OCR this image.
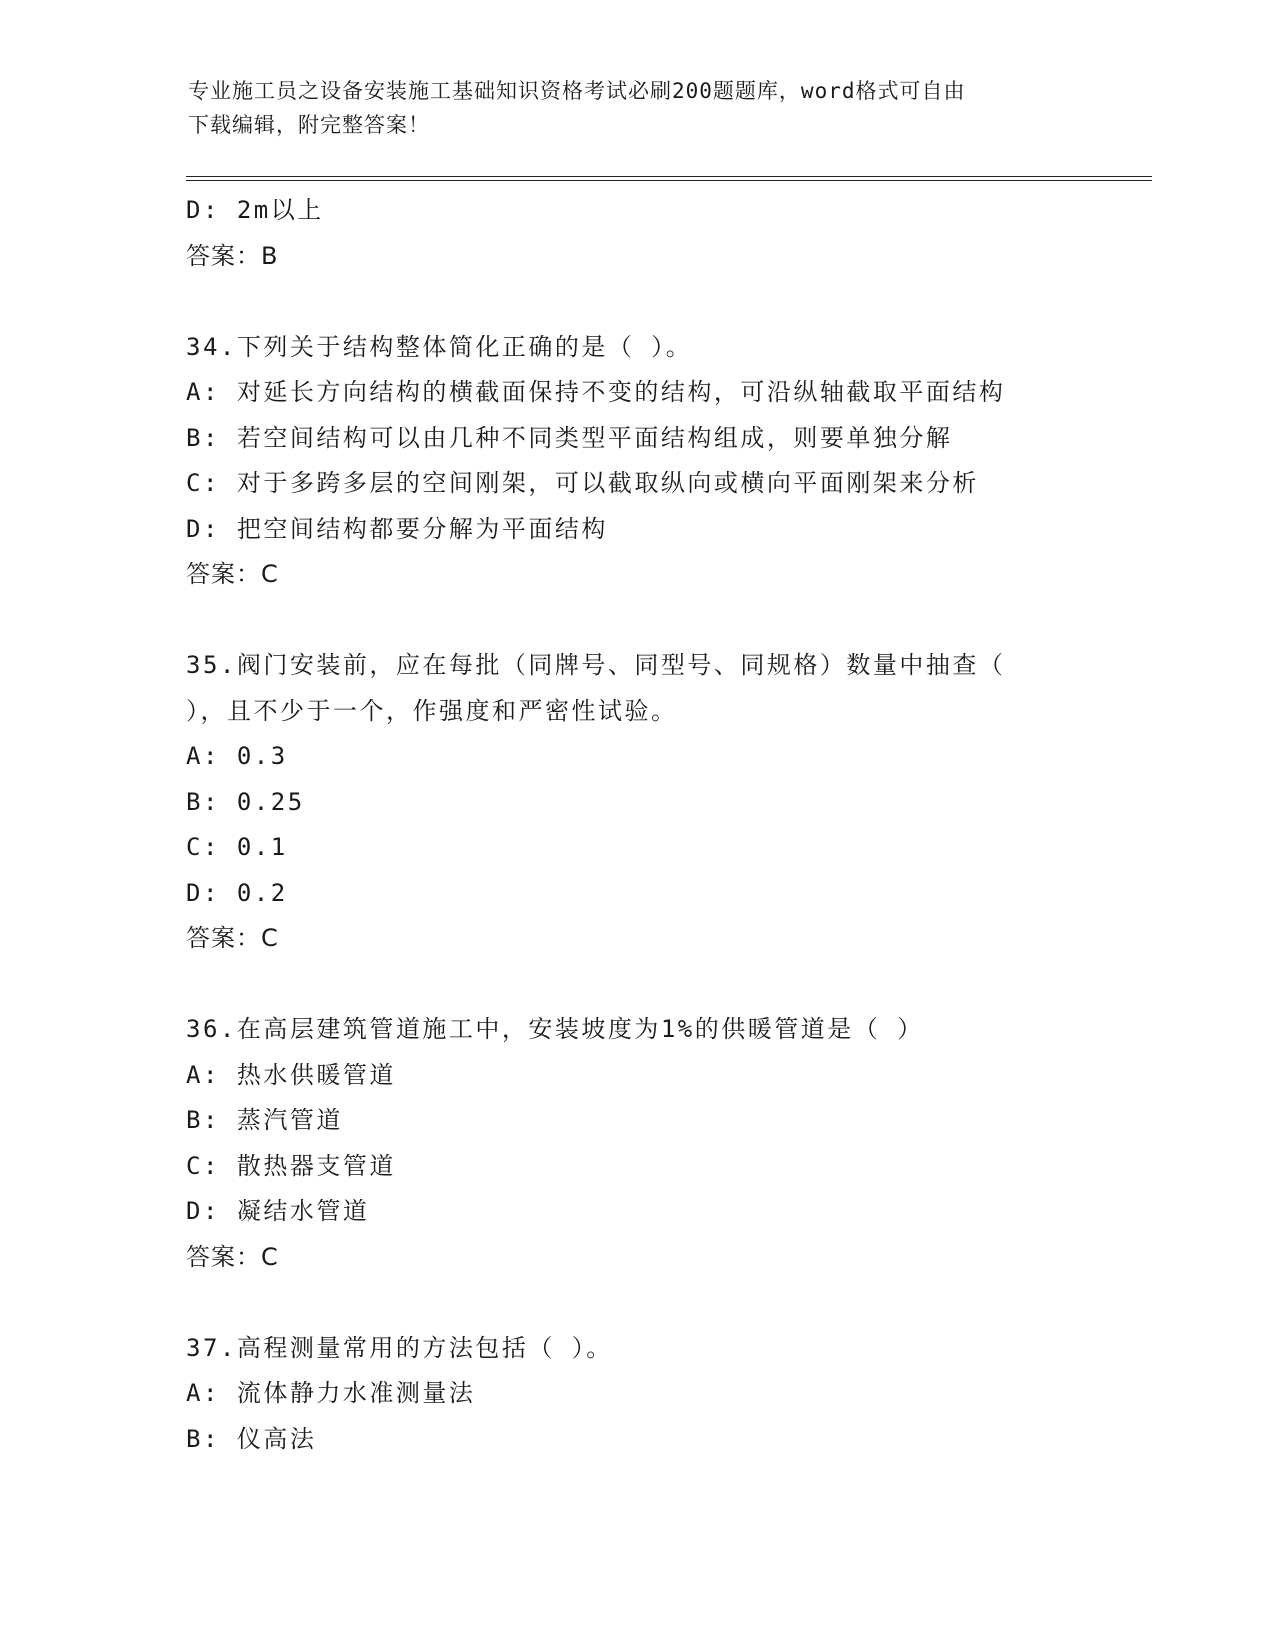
专业施工员之设备安装施工基础知识资格考试必刷200题题库，word格式可自由
下载编辑，附完整答案！
D: 2m以上
答案：B
34.下列关于结构整体简化正确的是（ ）。
A: 对延长方向结构的横截面保持不变的结构，可沿纵轴截取平面结构
B: 若空间结构可以由几种不同类型平面结构组成，则要单独分解
C: 对于多跨多层的空间刚架，可以截取纵向或横向平面刚架来分析
D: 把空间结构都要分解为平面结构
答案：C
35.阀门安装前，应在每批（同牌号、同型号、同规格）数量中抽查（
），且不少于一个，作强度和严密性试验。
A: 0.3
B: 0.25
C: 0.1
D: 0.2
答案：C
36.在高层建筑管道施工中，安装坡度为1%的供暖管道是（ ）
A: 热水供暖管道
B: 蒸汽管道
C: 散热器支管道
D: 凝结水管道
答案：C
37.高程测量常用的方法包括（ ）。
A: 流体静力水准测量法
B: 仪高法
